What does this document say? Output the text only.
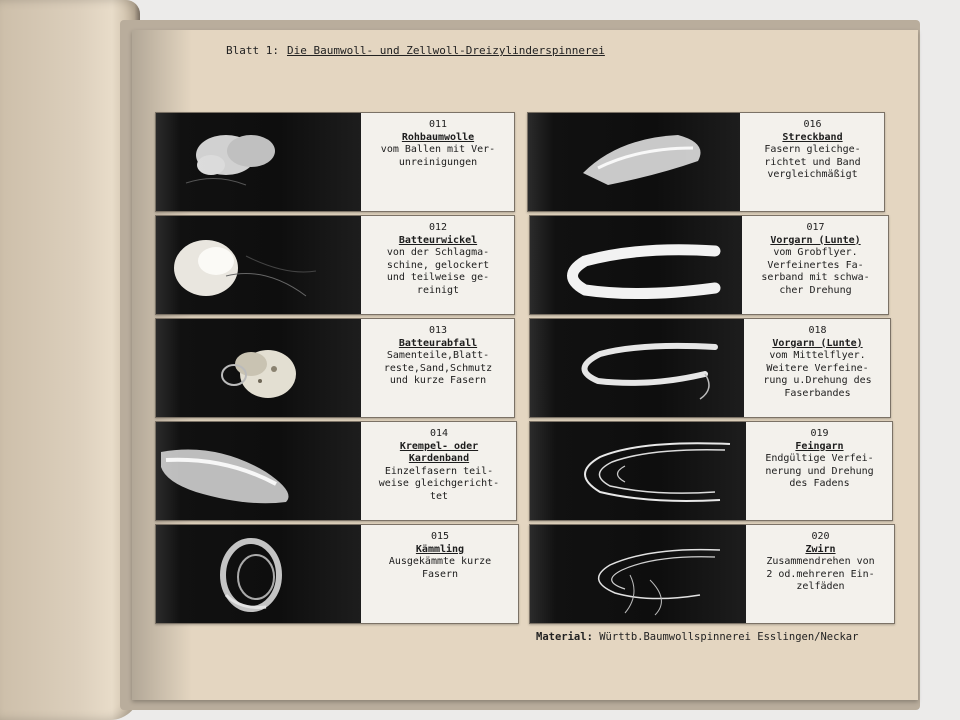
Blatt 1: Die Baumwoll- und Zellwoll-Dreizylinderspinnerei
011
Rohbaumwolle
vom Ballen mit Ver-
unreinigungen
012
Batteurwickel
von der Schlagma-
schine, gelockert
und teilweise ge-
reinigt
013
Batteurabfall
Samenteile,Blatt-
reste,Sand,Schmutz
und kurze Fasern
014
Krempel- oder
Kardenband
Einzelfasern teil-
weise gleichgericht-
tet
015
Kämmling
Ausgekämmte kurze
Fasern
016
Streckband
Fasern gleichge-
richtet und Band
vergleichmäßigt
017
Vorgarn (Lunte)
vom Grobflyer.
Verfeinertes Fa-
serband mit schwa-
cher Drehung
018
Vorgarn (Lunte)
vom Mittelflyer.
Weitere Verfeine-
rung u.Drehung des
Faserbandes
019
Feingarn
Endgültige Verfei-
nerung und Drehung
des Fadens
020
Zwirn
Zusammendrehen von
2 od.mehreren Ein-
zelfäden
Material: Württb.Baumwollspinnerei Esslingen/Neckar
